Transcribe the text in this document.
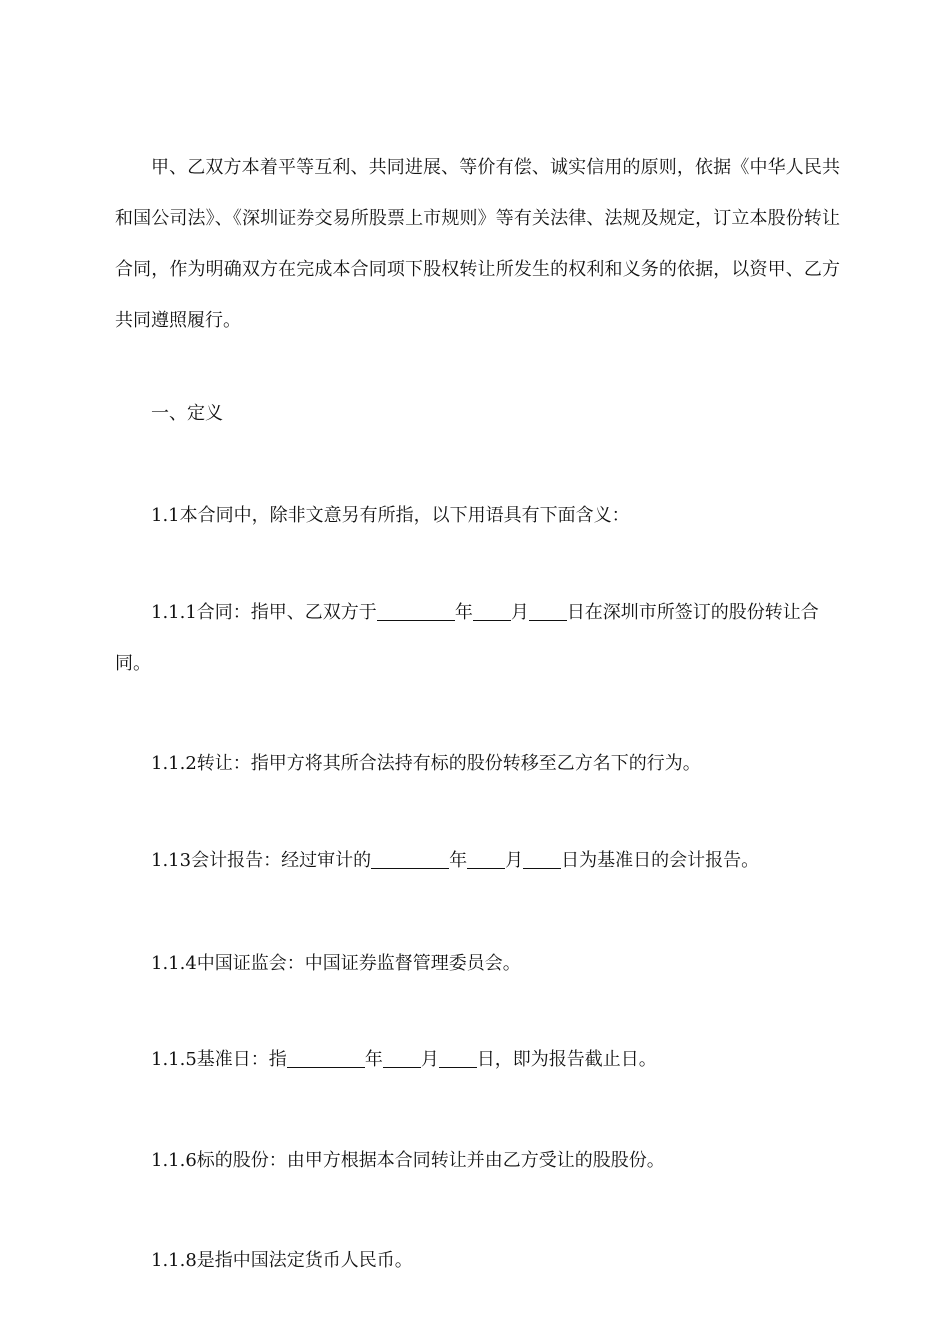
甲、乙双方本着平等互利、共同进展、等价有偿、诚实信用的原则，依据《中华人民共和国公司法》、《深圳证券交易所股票上市规则》等有关法律、法规及规定，订立本股份转让合同，作为明确双方在完成本合同项下股权转让所发生的权利和义务的依据，以资甲、乙方共同遵照履行。

一、定义

1.1本合同中，除非文意另有所指，以下用语具有下面含义：

1.1.1合同：指甲、乙双方于	年 月 日在深圳市所签订的股份转让合同。

1.1.2转让：指甲方将其所合法持有标的股份转移至乙方名下的行为。

1.13会计报告：经过审计的	年 月 日为基准日的会计报告。

1.1.4中国证监会：中国证券监督管理委员会。

1.1.5基准日：指	年 月 日，即为报告截止日。

1.1.6标的股份：由甲方根据本合同转让并由乙方受让的股股份。

1.1.8是指中国法定货币人民币。
